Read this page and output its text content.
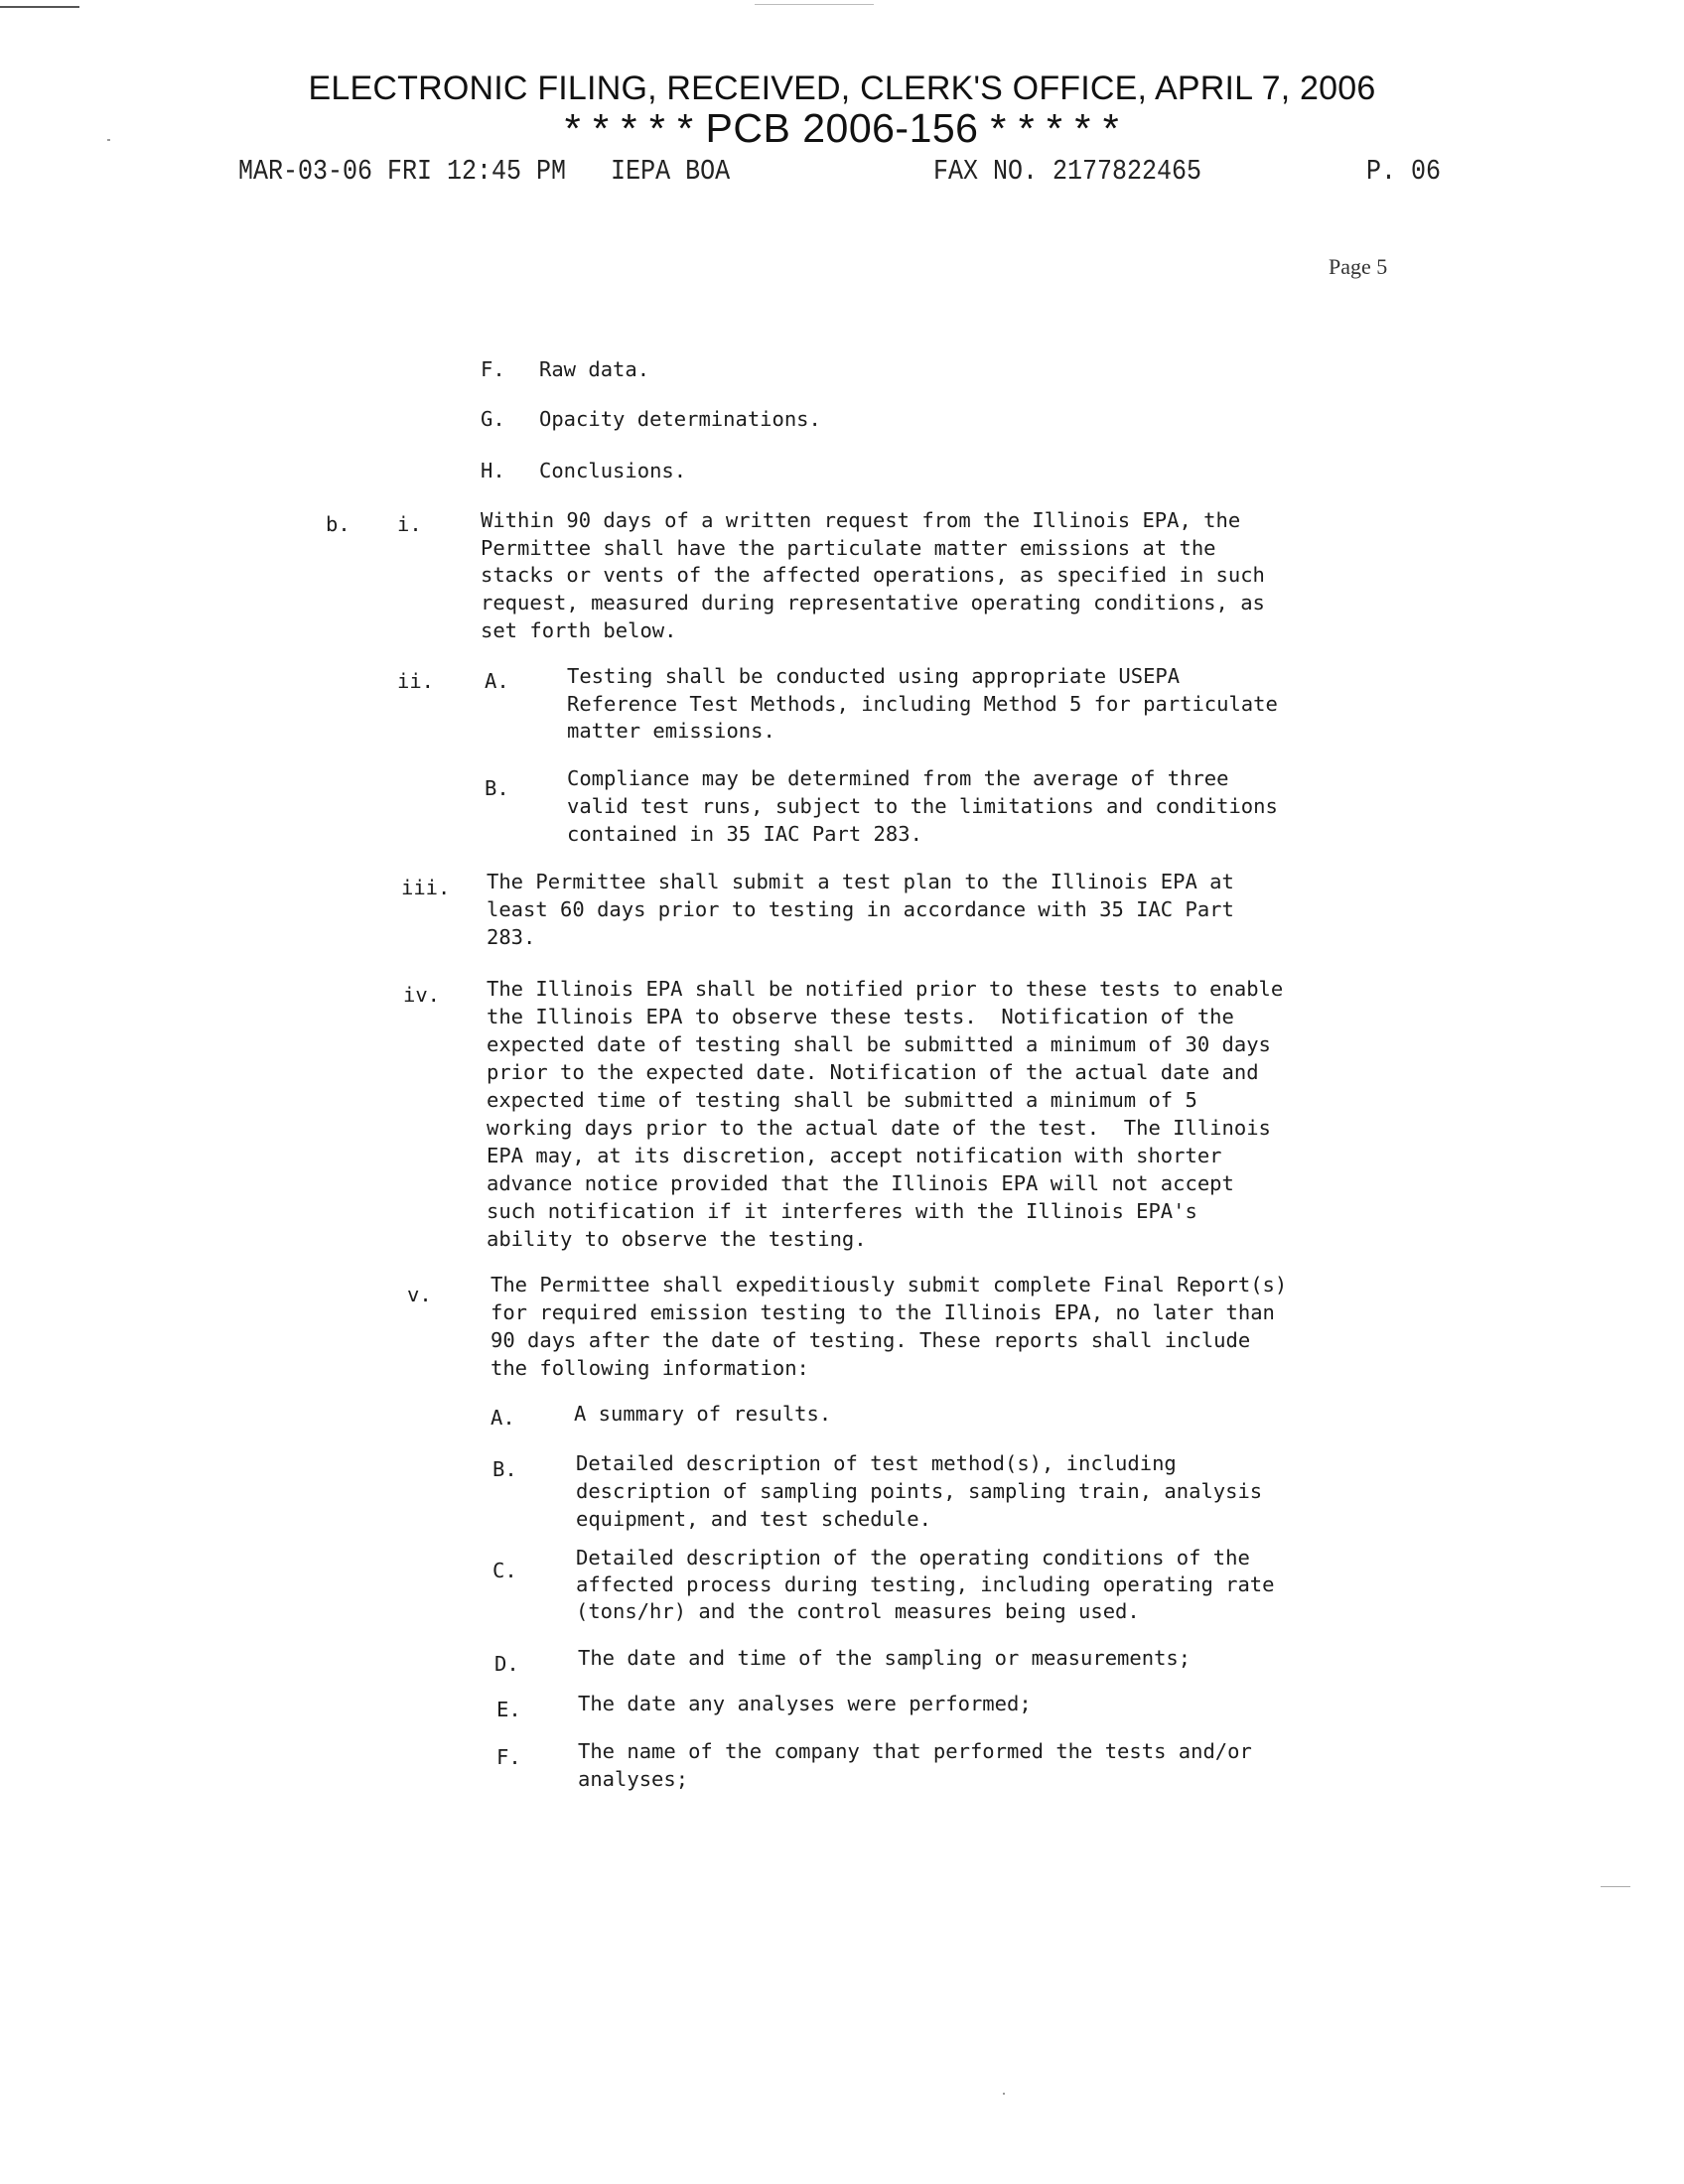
ELECTRONIC FILING, RECEIVED, CLERK'S OFFICE, APRIL 7, 2006
* * * * * PCB 2006-156 * * * * *
MAR-03-06 FRI 12:45 PM   IEPA BOA	FAX NO. 2177822465	P. 06
Page 5
F. Raw data.
G. Opacity determinations.
H. Conclusions.
b. i.	Within 90 days of a written request from the Illinois EPA, the
Permittee shall have the particulate matter emissions at the
stacks or vents of the affected operations, as specified in such
request, measured during representative operating conditions, as
set forth below.
ii. A.	Testing shall be conducted using appropriate USEPA
Reference Test Methods, including Method 5 for particulate
matter emissions.
B.	Compliance may be determined from the average of three
valid test runs, subject to the limitations and conditions
contained in 35 IAC Part 283.
iii. The Permittee shall submit a test plan to the Illinois EPA at
least 60 days prior to testing in accordance with 35 IAC Part
283.
iv. The Illinois EPA shall be notified prior to these tests to enable
the Illinois EPA to observe these tests.  Notification of the
expected date of testing shall be submitted a minimum of 30 days
prior to the expected date. Notification of the actual date and
expected time of testing shall be submitted a minimum of 5
working days prior to the actual date of the test.  The Illinois
EPA may, at its discretion, accept notification with shorter
advance notice provided that the Illinois EPA will not accept
such notification if it interferes with the Illinois EPA's
ability to observe the testing.
v.	The Permittee shall expeditiously submit complete Final Report(s)
for required emission testing to the Illinois EPA, no later than
90 days after the date of testing. These reports shall include
the following information:
A.	A summary of results.
B.	Detailed description of test method(s), including
description of sampling points, sampling train, analysis
equipment, and test schedule.
C.
Detailed description of the operating conditions of the
affected process during testing, including operating rate
(tons/hr) and the control measures being used.
D.	The date and time of the sampling or measurements;
E.	The date any analyses were performed;
F.	The name of the company that performed the tests and/or
analyses;
